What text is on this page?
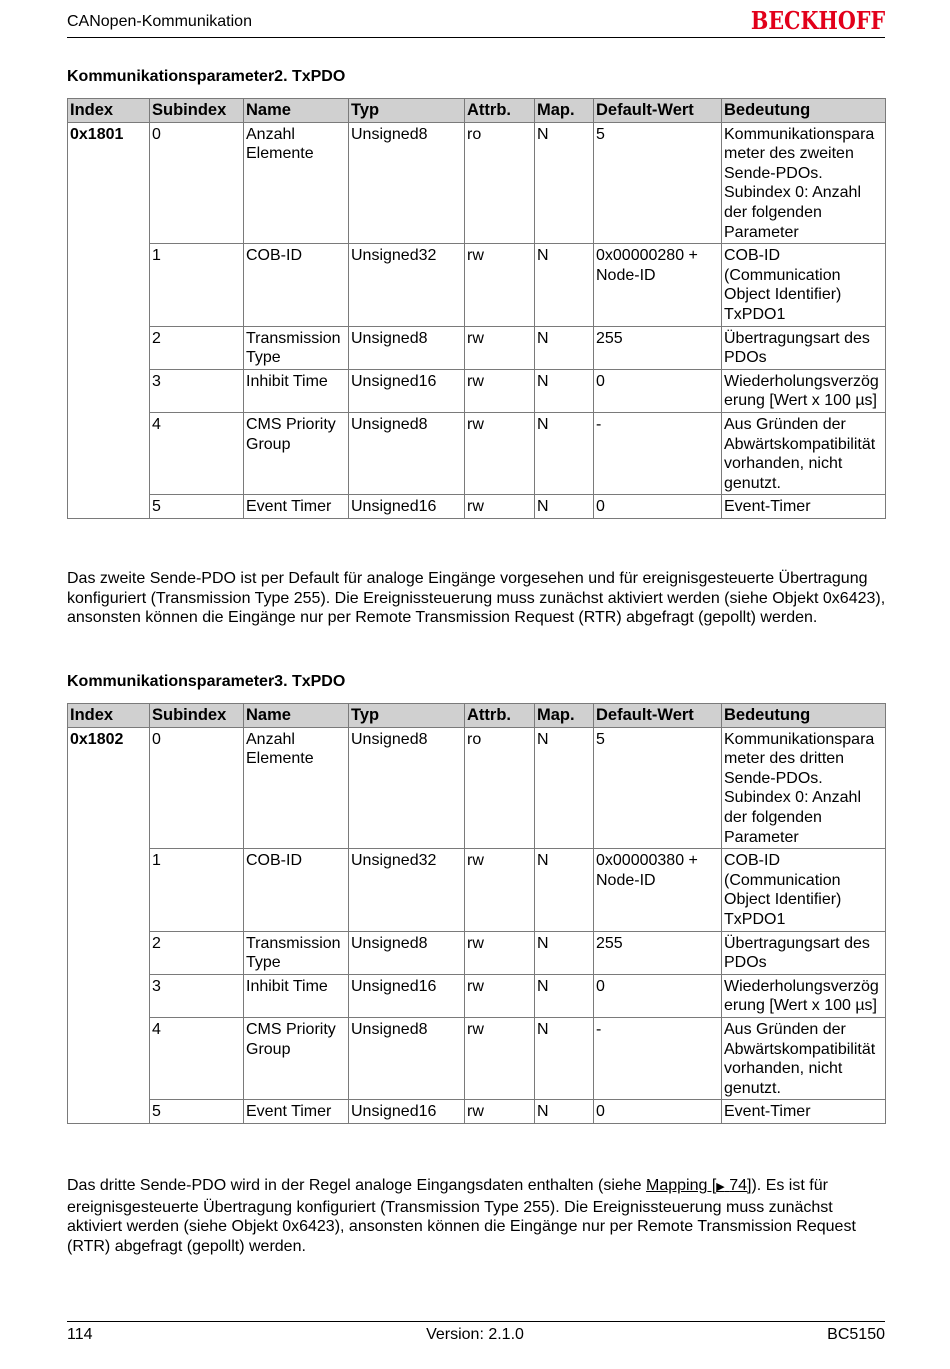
CANopen-Kommunikation	BECKHOFF
Kommunikationsparameter2. TxPDO
Index	Subindex	Name	Typ	Attrb.	Map.	Default-Wert	Bedeutung
0x1801	0	Anzahl Elemente	Unsigned8	ro	N	5	Kommunikationsparameter des zweiten Sende-PDOs. Subindex 0: Anzahl der folgenden Parameter
	1	COB-ID	Unsigned32	rw	N	0x00000280 + Node-ID	COB-ID (Communication Object Identifier) TxPDO1
	2	Transmission Type	Unsigned8	rw	N	255	Übertragungsart des PDOs
	3	Inhibit Time	Unsigned16	rw	N	0	Wiederholungsverzögerung [Wert x 100 µs]
	4	CMS Priority Group	Unsigned8	rw	N	-	Aus Gründen der Abwärtskompatibilität vorhanden, nicht genutzt.
	5	Event Timer	Unsigned16	rw	N	0	Event-Timer
Das zweite Sende-PDO ist per Default für analoge Eingänge vorgesehen und für ereignisgesteuerte Übertragung konfiguriert (Transmission Type 255). Die Ereignissteuerung muss zunächst aktiviert werden (siehe Objekt 0x6423), ansonsten können die Eingänge nur per Remote Transmission Request (RTR) abgefragt (gepollt) werden.
Kommunikationsparameter3. TxPDO
Index	Subindex	Name	Typ	Attrb.	Map.	Default-Wert	Bedeutung
0x1802	0	Anzahl Elemente	Unsigned8	ro	N	5	Kommunikationsparameter des dritten Sende-PDOs. Subindex 0: Anzahl der folgenden Parameter
	1	COB-ID	Unsigned32	rw	N	0x00000380 + Node-ID	COB-ID (Communication Object Identifier) TxPDO1
	2	Transmission Type	Unsigned8	rw	N	255	Übertragungsart des PDOs
	3	Inhibit Time	Unsigned16	rw	N	0	Wiederholungsverzögerung [Wert x 100 µs]
	4	CMS Priority Group	Unsigned8	rw	N	-	Aus Gründen der Abwärtskompatibilität vorhanden, nicht genutzt.
	5	Event Timer	Unsigned16	rw	N	0	Event-Timer
Das dritte Sende-PDO wird in der Regel analoge Eingangsdaten enthalten (siehe Mapping [▶ 74]). Es ist für ereignisgesteuerte Übertragung konfiguriert (Transmission Type 255). Die Ereignissteuerung muss zunächst aktiviert werden (siehe Objekt 0x6423), ansonsten können die Eingänge nur per Remote Transmission Request (RTR) abgefragt (gepollt) werden.
114	Version: 2.1.0	BC5150
